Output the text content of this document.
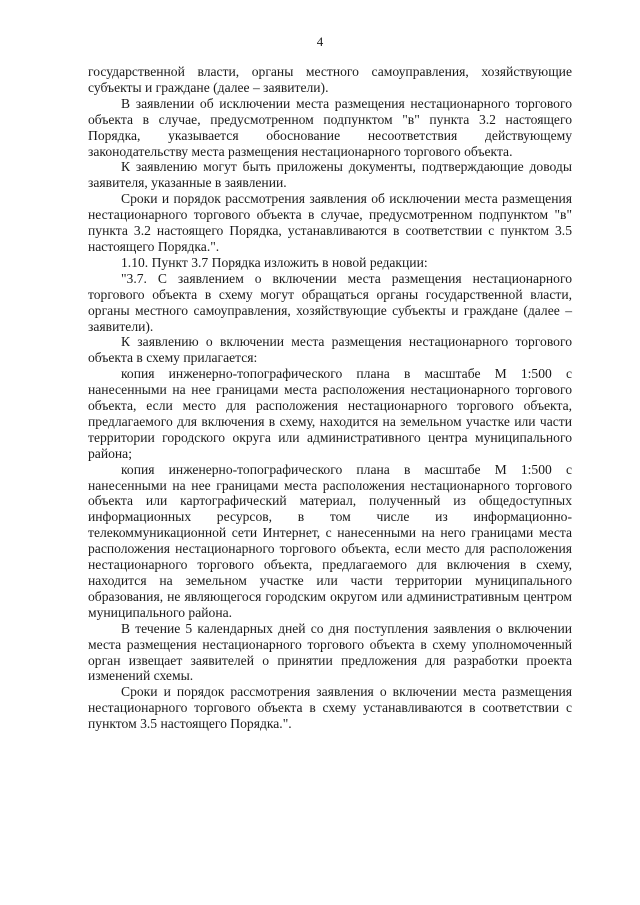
4

государственной власти, органы местного самоуправления, хозяйствующие субъекты и граждане (далее – заявители).

В заявлении об исключении места размещения нестационарного торгового объекта в случае, предусмотренном подпунктом "в" пункта 3.2 настоящего Порядка, указывается обоснование несоответствия действующему законодательству места размещения нестационарного торгового объекта.

К заявлению могут быть приложены документы, подтверждающие доводы заявителя, указанные в заявлении.

Сроки и порядок рассмотрения заявления об исключении места размещения нестационарного торгового объекта в случае, предусмотренном подпунктом "в" пункта 3.2 настоящего Порядка, устанавливаются в соответствии с пунктом 3.5 настоящего Порядка.".

1.10. Пункт 3.7 Порядка изложить в новой редакции:

"3.7. С заявлением о включении места размещения нестационарного торгового объекта в схему могут обращаться органы государственной власти, органы местного самоуправления, хозяйствующие субъекты и граждане (далее – заявители).

К заявлению о включении места размещения нестационарного торгового объекта в схему прилагается:

копия инженерно-топографического плана в масштабе М 1:500 с нанесенными на нее границами места расположения нестационарного торгового объекта, если место для расположения нестационарного торгового объекта, предлагаемого для включения в схему, находится на земельном участке или части территории городского округа или административного центра муниципального района;

копия инженерно-топографического плана в масштабе М 1:500 с нанесенными на нее границами места расположения нестационарного торгового объекта или картографический материал, полученный из общедоступных информационных ресурсов, в том числе из информационно-телекоммуникационной сети Интернет, с нанесенными на него границами места расположения нестационарного торгового объекта, если место для расположения нестационарного торгового объекта, предлагаемого для включения в схему, находится на земельном участке или части территории муниципального образования, не являющегося городским округом или административным центром муниципального района.

В течение 5 календарных дней со дня поступления заявления о включении места размещения нестационарного торгового объекта в схему уполномоченный орган извещает заявителей о принятии предложения для разработки проекта изменений схемы.

Сроки и порядок рассмотрения заявления о включении места размещения нестационарного торгового объекта в схему устанавливаются в соответствии с пунктом 3.5 настоящего Порядка.".
